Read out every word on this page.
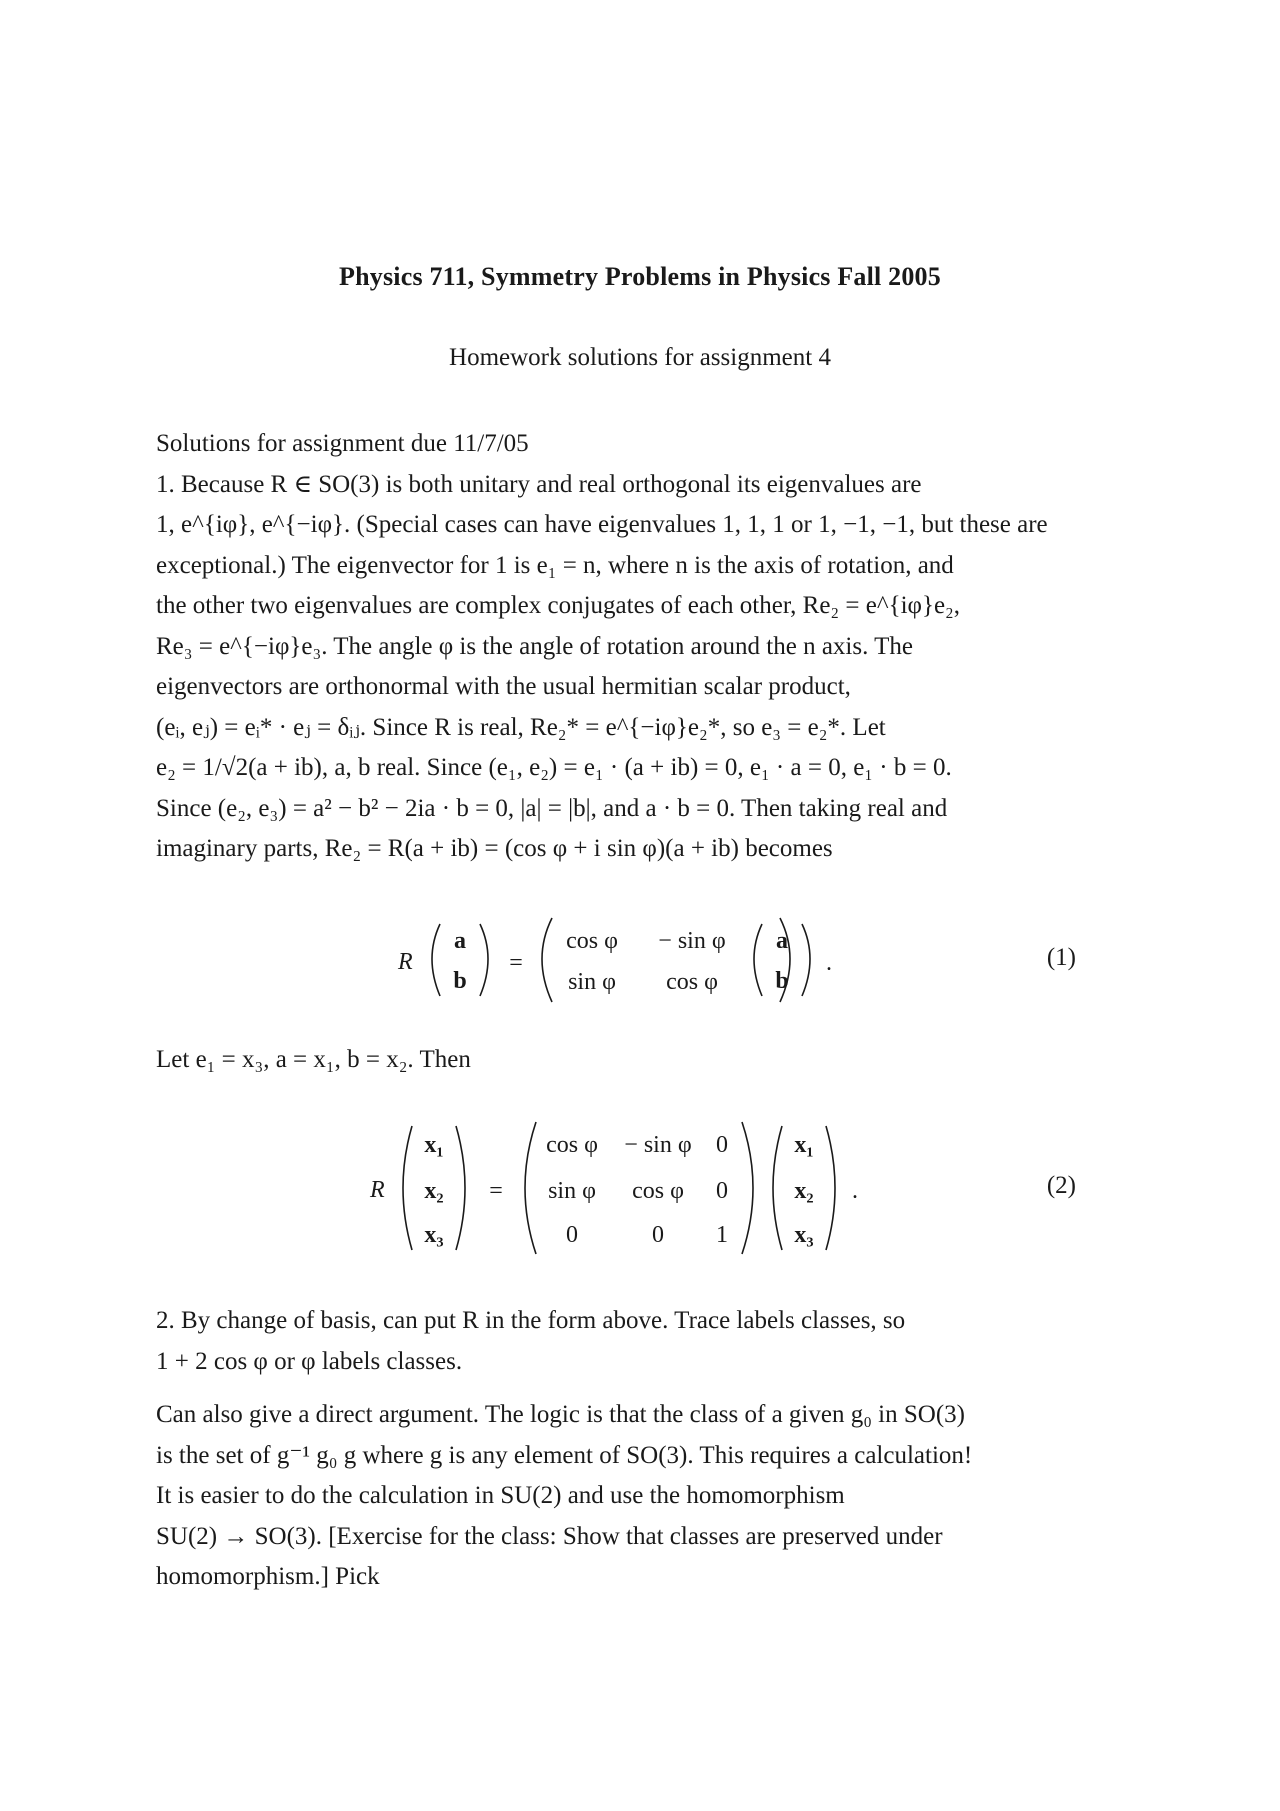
Physics 711, Symmetry Problems in Physics Fall 2005
Homework solutions for assignment 4
Solutions for assignment due 11/7/05
1. Because R ∈ SO(3) is both unitary and real orthogonal its eigenvalues are
1, e^{iφ}, e^{−iφ}. (Special cases can have eigenvalues 1, 1, 1 or 1, −1, −1, but these are
exceptional.) The eigenvector for 1 is e₁ = n, where n is the axis of rotation, and
the other two eigenvalues are complex conjugates of each other, Re₂ = e^{iφ}e₂,
Re₃ = e^{−iφ}e₃. The angle φ is the angle of rotation around the n axis. The
eigenvectors are orthonormal with the usual hermitian scalar product,
(eᵢ, eⱼ) = eᵢ* · eⱼ = δᵢⱼ. Since R is real, Re₂* = e^{−iφ}e₂*, so e₃ = e₂*. Let
e₂ = 1/√2(a + ib), a, b real. Since (e₁, e₂) = e₁ · (a + ib) = 0, e₁ · a = 0, e₁ · b = 0.
Since (e₂, e₃) = a² − b² − 2ia · b = 0, |a| = |b|, and a · b = 0. Then taking real and
imaginary parts, Re₂ = R(a + ib) = (cos φ + i sin φ)(a + ib) becomes
R
a
b
=
cos φ − sin φ
sin φ cos φ
a
b
.	(1)
Let e₁ = x₃, a = x₁, b = x₂. Then
R
x₁
x₂
x₃
=
cos φ − sin φ 0
sin φ cos φ 0
0	0 1
x₁
x₂
x₃
.	(2)
2. By change of basis, can put R in the form above. Trace labels classes, so
1 + 2 cos φ or φ labels classes.
Can also give a direct argument. The logic is that the class of a given g₀ in SO(3)
is the set of g⁻¹ g₀ g where g is any element of SO(3). This requires a calculation!
It is easier to do the calculation in SU(2) and use the homomorphism
SU(2) → SO(3). [Exercise for the class: Show that classes are preserved under
homomorphism.] Pick
